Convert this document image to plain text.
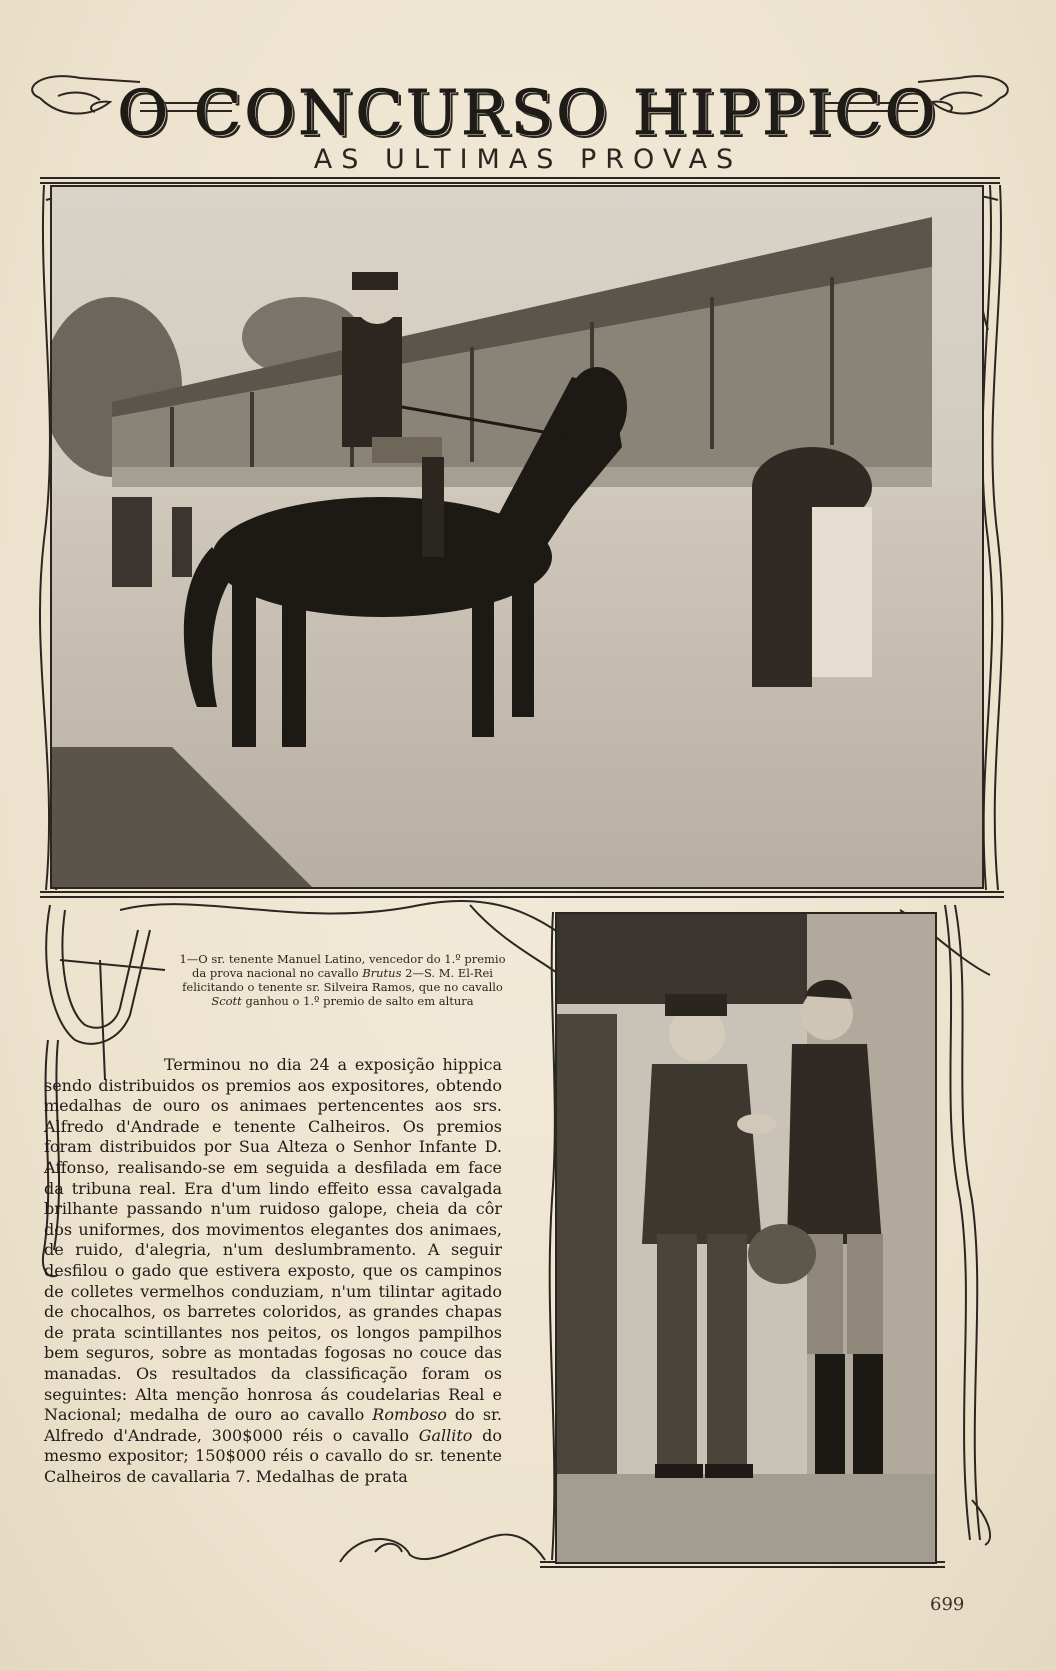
O CONCURSO HIPPICO
AS ULTIMAS PROVAS
1—O sr. tenente Manuel Latino, vencedor do 1.º premio da prova nacional no cavallo Brutus 2—S. M. El-Rei felicitando o tenente sr. Silveira Ramos, que no cavallo Scott ganhou o 1.º premio de salto em altura

Terminou no dia 24 a exposição hippica sendo distribuidos os premios aos expositores, obtendo medalhas de ouro os animaes pertencentes aos srs. Alfredo d'Andrade e tenente Calheiros. Os premios foram distribuidos por Sua Alteza o Senhor Infante D. Affonso, realisando-se em seguida a desfilada em face da tribuna real. Era d'um lindo effeito essa cavalgada brilhante passando n'um ruidoso galope, cheia da côr dos uniformes, dos movimentos elegantes dos animaes, de ruido, d'alegria, n'um deslumbramento. A seguir desfilou o gado que estivera exposto, que os campinos de colletes vermelhos conduziam, n'um tilintar agitado de chocalhos, os barretes coloridos, as grandes chapas de prata scintillantes nos peitos, os longos pampilhos bem seguros, sobre as montadas fogosas no couce das manadas. Os resultados da classificação foram os seguintes: Alta menção honrosa ás coudelarias Real e Nacional; medalha de ouro ao cavallo Romboso do sr. Alfredo d'Andrade, 300$000 réis o cavallo Gallito do mesmo expositor; 150$000 réis o cavallo do sr. tenente Calheiros de cavallaria 7. Medalhas de prata

699
